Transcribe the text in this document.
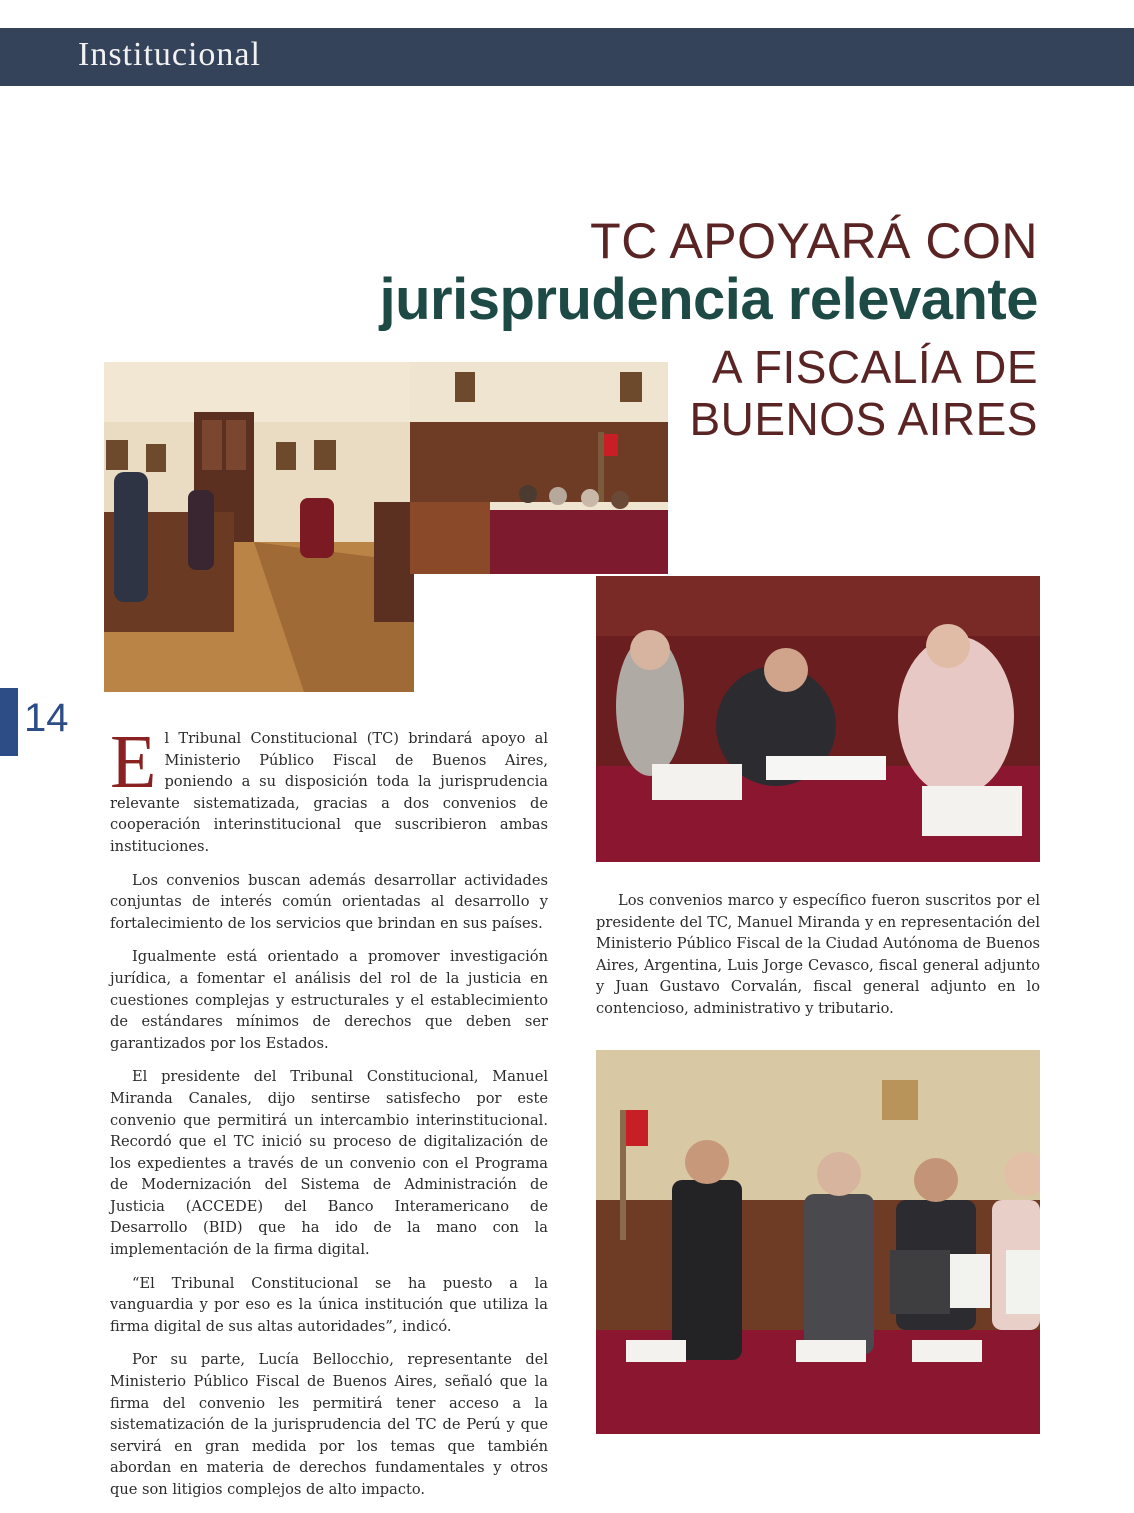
Institucional
TC APOYARÁ CON
jurisprudencia relevante
A FISCALÍA DE
BUENOS AIRES
14

El Tribunal Constitucional (TC) brindará apoyo al Ministerio Público Fiscal de Buenos Aires, poniendo a su disposición toda la jurisprudencia relevante sistematizada, gracias a dos convenios de cooperación interinstitucional que suscribieron ambas instituciones.

Los convenios buscan además desarrollar actividades conjuntas de interés común orientadas al desarrollo y fortalecimiento de los servicios que brindan en sus países.

Igualmente está orientado a promover investigación jurídica, a fomentar el análisis del rol de la justicia en cuestiones complejas y estructurales y el establecimiento de estándares mínimos de derechos que deben ser garantizados por los Estados.

El presidente del Tribunal Constitucional, Manuel Miranda Canales, dijo sentirse satisfecho por este convenio que permitirá un intercambio interinstitucional. Recordó que el TC inició su proceso de digitalización de los expedientes a través de un convenio con el Programa de Modernización del Sistema de Administración de Justicia (ACCEDE) del Banco Interamericano de Desarrollo (BID) que ha ido de la mano con la implementación de la firma digital.

“El Tribunal Constitucional se ha puesto a la vanguardia y por eso es la única institución que utiliza la firma digital de sus altas autoridades”, indicó.

Por su parte, Lucía Bellocchio, representante del Ministerio Público Fiscal de Buenos Aires, señaló que la firma del convenio les permitirá tener acceso a la sistematización de la jurisprudencia del TC de Perú y que servirá en gran medida por los temas que también abordan en materia de derechos fundamentales y otros que son litigios complejos de alto impacto.

Los convenios marco y específico fueron suscritos por el presidente del TC, Manuel Miranda y en representación del Ministerio Público Fiscal de la Ciudad Autónoma de Buenos Aires, Argentina, Luis Jorge Cevasco, fiscal general adjunto y Juan Gustavo Corvalán, fiscal general adjunto en lo contencioso, administrativo y tributario.
